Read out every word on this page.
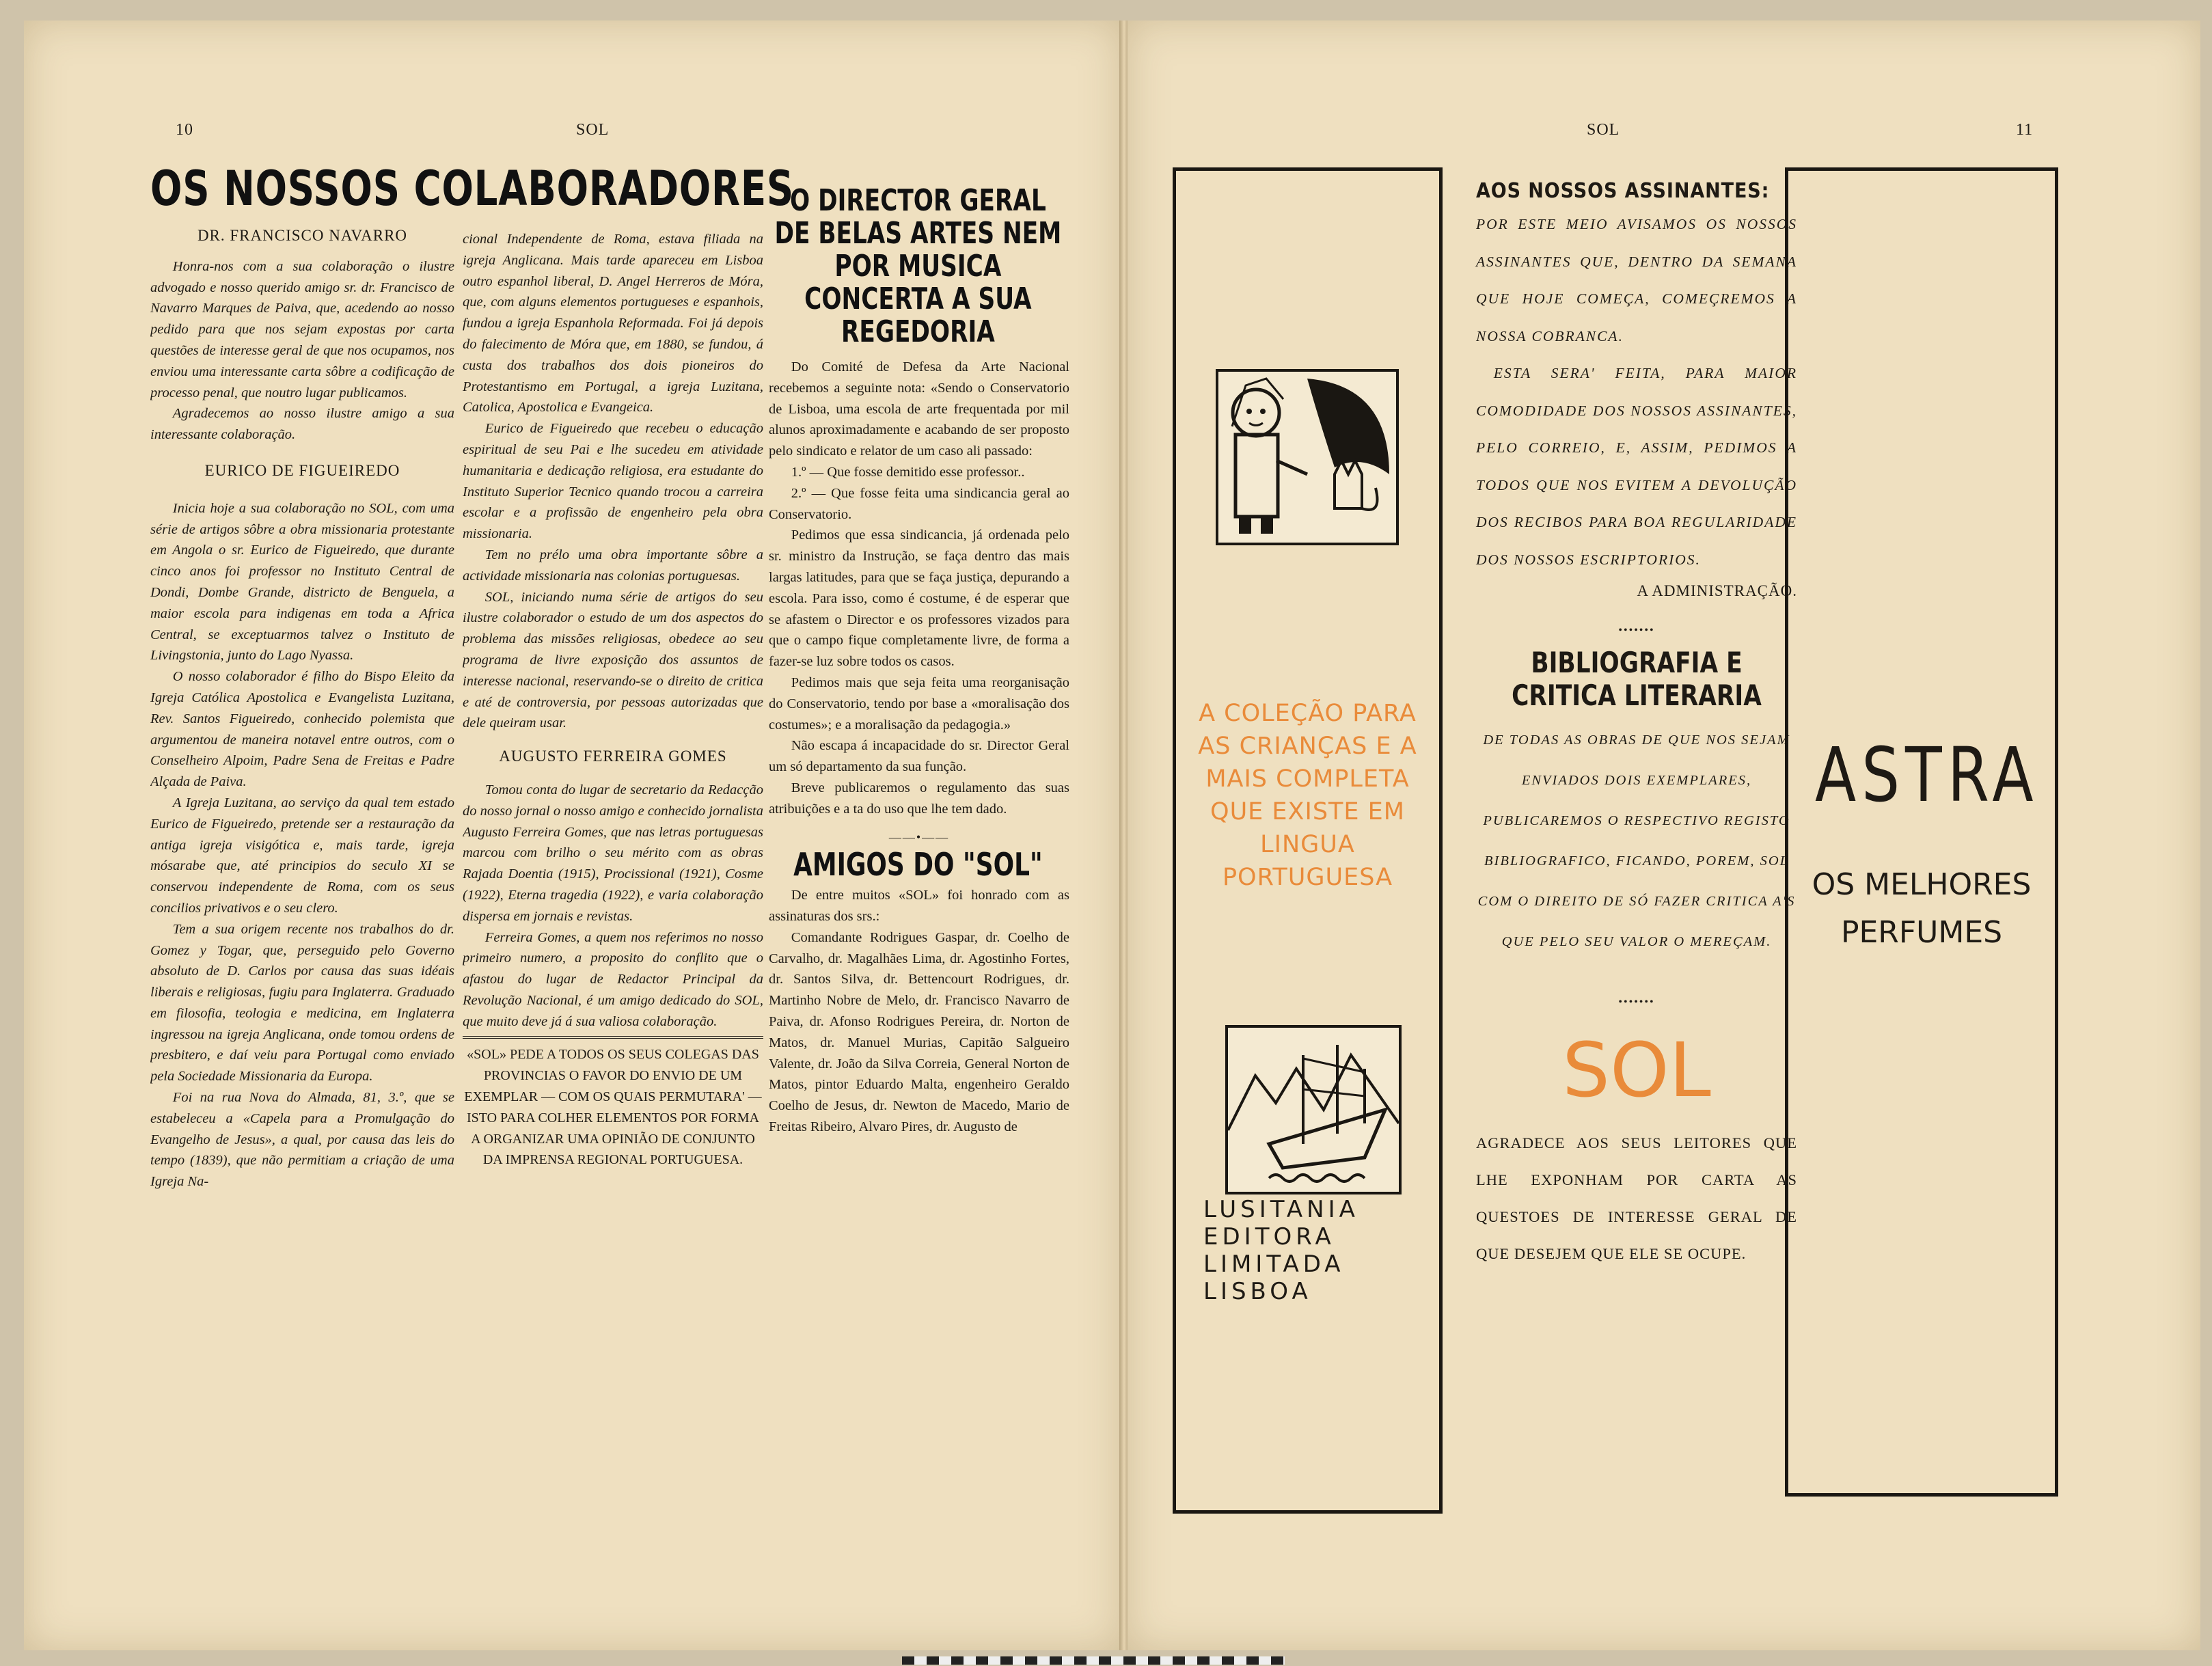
10	SOL
OS NOSSOS COLABORADORES
DR. FRANCISCO NAVARRO

Honra-nos com a sua colaboração o ilustre advogado e nosso querido amigo sr. dr. Francisco de Navarro Marques de Paiva, que, acedendo ao nosso pedido para que nos sejam expostas por carta questões de interesse geral de que nos ocupamos, nos enviou uma interessante carta sôbre a codificação de processo penal, que noutro lugar publicamos.

Agradecemos ao nosso ilustre amigo a sua interessante colaboração.

EURICO DE FIGUEIREDO

Inicia hoje a sua colaboração no SOL, com uma série de artigos sôbre a obra missionaria protestante em Angola o sr. Eurico de Figueiredo, que durante cinco anos foi professor no Instituto Central de Dondi, Dombe Grande, districto de Benguela, a maior escola para indigenas em toda a Africa Central, se exceptuarmos talvez o Instituto de Livingstonia, junto do Lago Nyassa.

O nosso colaborador é filho do Bispo Eleito da Igreja Católica Apostolica e Evangelista Luzitana, Rev. Santos Figueiredo, conhecido polemista que argumentou de maneira notavel entre outros, com o Conselheiro Alpoim, Padre Sena de Freitas e Padre Alçada de Paiva.

A Igreja Luzitana, ao serviço da qual tem estado Eurico de Figueiredo, pretende ser a restauração da antiga igreja visigótica e, mais tarde, igreja mósarabe que, até principios do seculo XI se conservou independente de Roma, com os seus concilios privativos e o seu clero.

Tem a sua origem recente nos trabalhos do dr. Gomez y Togar, que, perseguido pelo Governo absoluto de D. Carlos por causa das suas idéais liberais e religiosas, fugiu para Inglaterra. Graduado em filosofia, teologia e medicina, em Inglaterra ingressou na igreja Anglicana, onde tomou ordens de presbitero, e daí veiu para Portugal como enviado pela Sociedade Missionaria da Europa.

Foi na rua Nova do Almada, 81, 3.º, que se estabeleceu a «Capela para a Promulgação do Evangelho de Jesus», a qual, por causa das leis do tempo (1839), que não permitiam a criação de uma Igreja Na-

cional Independente de Roma, estava filiada na igreja Anglicana. Mais tarde apareceu em Lisboa outro espanhol liberal, D. Angel Herreros de Móra, que, com alguns elementos portugueses e espanhois, fundou a igreja Espanhola Reformada. Foi já depois do falecimento de Móra que, em 1880, se fundou, á custa dos trabalhos dos dois pioneiros do Protestantismo em Portugal, a igreja Luzitana, Catolica, Apostolica e Evangeica.

Eurico de Figueiredo que recebeu o educação espiritual de seu Pai e lhe sucedeu em atividade humanitaria e dedicação religiosa, era estudante do Instituto Superior Tecnico quando trocou a carreira escolar e a profissão de engenheiro pela obra missionaria.

Tem no prélo uma obra importante sôbre a actividade missionaria nas colonias portuguesas.

SOL, iniciando numa série de artigos do seu ilustre colaborador o estudo de um dos aspectos do problema das missões religiosas, obedece ao seu programa de livre exposição dos assuntos de interesse nacional, reservando-se o direito de critica e até de controversia, por pessoas autorizadas que dele queiram usar.

AUGUSTO FERREIRA GOMES

Tomou conta do lugar de secretario da Redacção do nosso jornal o nosso amigo e conhecido jornalista Augusto Ferreira Gomes, que nas letras portuguesas marcou com brilho o seu mérito com as obras Rajada Doentia (1915), Procissional (1921), Cosme (1922), Eterna tragedia (1922), e varia colaboração dispersa em jornais e revistas.

Ferreira Gomes, a quem nos referimos no nosso primeiro numero, a proposito do conflito que o afastou do lugar de Redactor Principal da Revolução Nacional, é um amigo dedicado do SOL, que muito deve já á sua valiosa colaboração.

«SOL» PEDE A TODOS OS SEUS COLEGAS DAS PROVINCIAS O FAVOR DO ENVIO DE UM EXEMPLAR — COM OS QUAIS PERMUTARA' — ISTO PARA COLHER ELEMENTOS POR FORMA A ORGANIZAR UMA OPINIÃO DE CONJUNTO DA IMPRENSA REGIONAL PORTUGUESA.
O DIRECTOR GERAL DE BELAS ARTES NEM POR MUSICA CONCERTA A SUA REGEDORIA

Do Comité de Defesa da Arte Nacional recebemos a seguinte nota: «Sendo o Conservatorio de Lisboa, uma escola de arte frequentada por mil alunos aproximadamente e acabando de ser proposto pelo sindicato e relator de um caso ali passado:

1.º — Que fosse demitido esse professor..

2.º — Que fosse feita uma sindicancia geral ao Conservatorio.

Pedimos que essa sindicancia, já ordenada pelo sr. ministro da Instrução, se faça dentro das mais largas latitudes, para que se faça justiça, depurando a escola. Para isso, como é costume, é de esperar que se afastem o Director e os professores vizados para que o campo fique completamente livre, de forma a fazer-se luz sobre todos os casos.

Pedimos mais que seja feita uma reorganisação do Conservatorio, tendo por base a «moralisação dos costumes»; e a moralisação da pedagogia.»

Não escapa á incapacidade do sr. Director Geral um só departamento da sua função.

Breve publicaremos o regulamento das suas atribuições e a ta do uso que lhe tem dado.

——•——
AMIGOS DO "SOL"

De entre muitos «SOL» foi honrado com as assinaturas dos srs.:

Comandante Rodrigues Gaspar, dr. Coelho de Carvalho, dr. Magalhães Lima, dr. Agostinho Fortes, dr. Santos Silva, dr. Bettencourt Rodrigues, dr. Martinho Nobre de Melo, dr. Francisco Navarro de Paiva, dr. Afonso Rodrigues Pereira, dr. Norton de Matos, dr. Manuel Murias, Capitão Salgueiro Valente, dr. João da Silva Correia, General Norton de Matos, pintor Eduardo Malta, engenheiro Geraldo Coelho de Jesus, dr. Newton de Macedo, Mario de Freitas Ribeiro, Alvaro Pires, dr. Augusto de

SOL	11
A COLEÇÃO PARA AS CRIANÇAS E A MAIS COMPLETA QUE EXISTE EM LINGUA PORTUGUESA
LUSITANIA
EDITORA
LIMITADA
LISBOA
AOS NOSSOS ASSINANTES:
POR ESTE MEIO AVISAMOS OS NOSSOS ASSINANTES QUE, DENTRO DA SEMANA QUE HOJE COMEÇA, COMEÇREMOS A NOSSA COBRANCA.
ESTA SERA' FEITA, PARA MAIOR COMODIDADE DOS NOSSOS ASSINANTES, PELO CORREIO, E, ASSIM, PEDIMOS A TODOS QUE NOS EVITEM A DEVOLUÇÃO DOS RECIBOS PARA BOA REGULARIDADE DOS NOSSOS ESCRIPTORIOS.
A ADMINISTRAÇÃO.
•••••••
BIBLIOGRAFIA E CRITICA LITERARIA
DE TODAS AS OBRAS DE QUE NOS SEJAM ENVIADOS DOIS EXEMPLARES, PUBLICAREMOS O RESPECTIVO REGISTO BIBLIOGRAFICO, FICANDO, POREM, SOL COM O DIREITO DE SÓ FAZER CRITICA A'S QUE PELO SEU VALOR O MEREÇAM.
•••••••
SOL
AGRADECE AOS SEUS LEITORES QUE LHE EXPONHAM POR CARTA AS QUESTOES DE INTERESSE GERAL DE QUE DESEJEM QUE ELE SE OCUPE.
ASTRA
OS MELHORES
PERFUMES
